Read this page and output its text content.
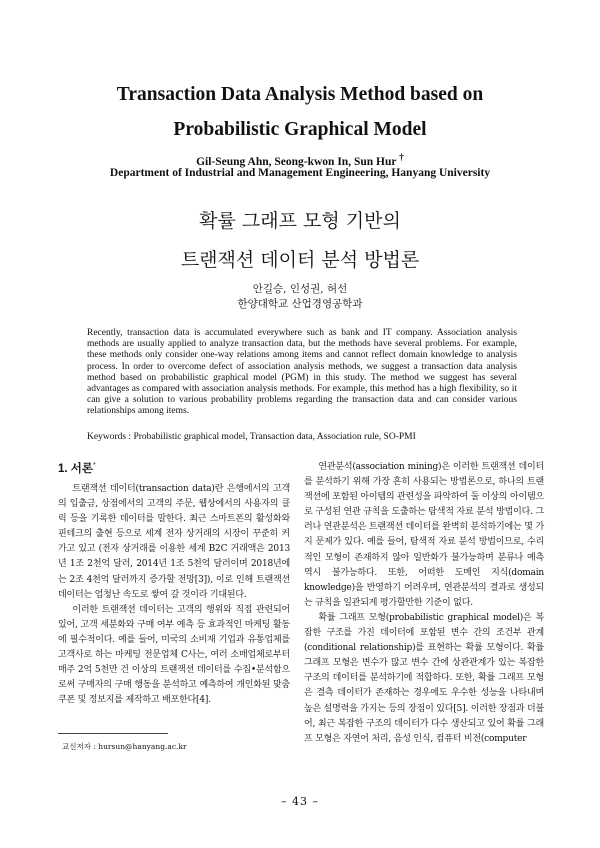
Transaction Data Analysis Method based on
Probabilistic Graphical Model

Gil-Seung Ahn, Seong-kwon In, Sun Hur †

Department of Industrial and Management Engineering, Hanyang University

확률 그래프 모형 기반의
트랜잭션 데이터 분석 방법론

안길승, 인성권, 허선

한양대학교 산업경영공학과

Recently, transaction data is accumulated everywhere such as bank and IT company. Association analysis methods are usually applied to analyze transaction data, but the methods have several problems. For example, these methods only consider one-way relations among items and cannot reflect domain knowledge to analysis process. In order to overcome defect of association analysis methods, we suggest a transaction data analysis method based on probabilistic graphical model (PGM) in this study. The method we suggest has several advantages as compared with association analysis methods. For example, this method has a high flexibility, so it can give a solution to various probability problems regarding the transaction data and can consider various relationships among items.

Keywords : Probabilistic graphical model, Transaction data, Association rule, SO-PMI

1. 서론*

트랜잭션 데이터(transaction data)란 은행에서의 고객의 입출금, 상점에서의 고객의 주문, 웹상에서의 사용자의 클릭 등을 기록한 데이터를 말한다. 최근 스마트폰의 활성화와 핀테크의 출현 등으로 세계 전자 상거래의 시장이 꾸준히 커가고 있고 (전자 상거래를 이용한 세계 B2C 거래액은 2013년 1조 2천억 달러, 2014년 1조 5천억 달러이며 2018년에는 2조 4천억 달러까지 증가할 전망[3]), 이로 인해 트랜잭션 데이터는 엄청난 속도로 쌓여 갈 것이라 기대된다.

이러한 트랜잭션 데이터는 고객의 행위와 직접 관련되어 있어, 고객 세분화와 구매 여부 예측 등 효과적인 마케팅 활동에 필수적이다. 예를 들어, 미국의 소비재 기업과 유통업체를 고객사로 하는 마케팅 전문업체 C사는, 여러 소매업체로부터 매주 2억 5천만 건 이상의 트랜잭션 데이터를 수집•분석함으로써 구매자의 구매 행동을 분석하고 예측하여 개인화된 맞춤 쿠폰 및 정보지를 제작하고 배포한다[4].

연관분석(association mining)은 이러한 트랜잭션 데이터를 분석하기 위해 가장 흔히 사용되는 방법론으로, 하나의 트랜잭션에 포함된 아이템의 관련성을 파악하여 둘 이상의 아이템으로 구성된 연관 규칙을 도출하는 탐색적 자료 분석 방법이다. 그러나 연관분석은 트랜잭션 데이터를 완벽히 분석하기에는 몇 가지 문제가 있다. 예를 들어, 탐색적 자료 분석 방법이므로, 수리적인 모형이 존재하지 않아 일반화가 불가능하며 분류나 예측 역시 불가능하다. 또한, 어떠한 도메인 지식(domain knowledge)을 반영하기 어려우며, 연관분석의 결과로 생성되는 규칙을 일관되게 평가할만한 기준이 없다.

확률 그래프 모형(probabilistic graphical model)은 복잡한 구조를 가진 데이터에 포함된 변수 간의 조건부 관계(conditional relationship)를 표현하는 확률 모형이다. 확률 그래프 모형은 변수가 많고 변수 간에 상관관계가 있는 복잡한 구조의 데이터를 분석하기에 적합하다. 또한, 확률 그래프 모형은 결측 데이터가 존재하는 경우에도 우수한 성능을 나타내며 높은 설명력을 가지는 등의 장점이 있다[5]. 이러한 장점과 더불어, 최근 복잡한 구조의 데이터가 다수 생산되고 있어 확률 그래프 모형은 자연어 처리, 음성 인식, 컴퓨터 비전(computer

교신저자 : hursun@hanyang.ac.kr

– 43 –
